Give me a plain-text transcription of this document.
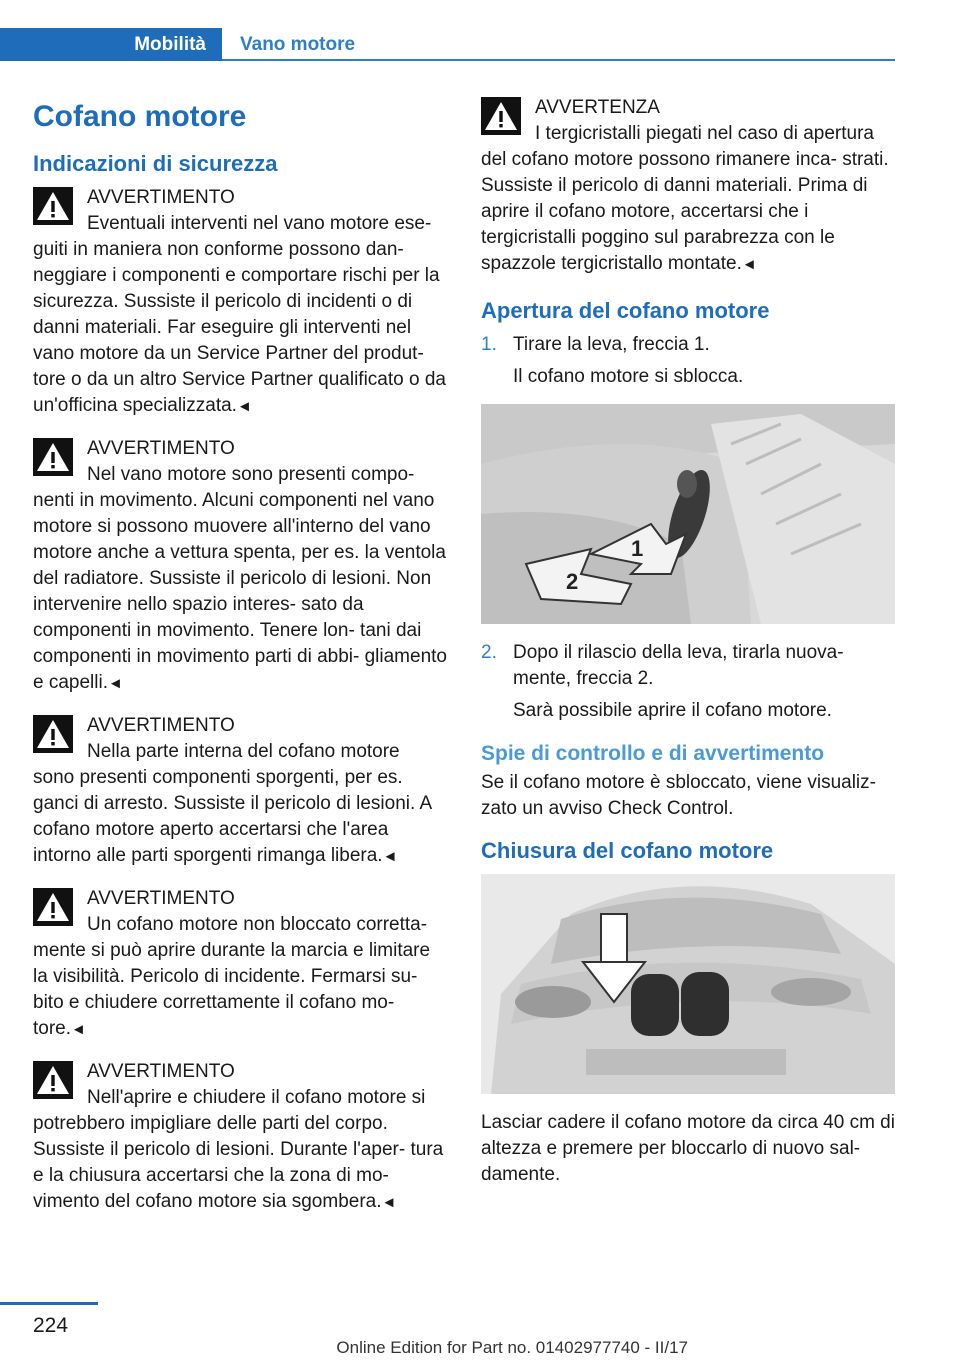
Mobilità	Vano motore
Cofano motore
Indicazioni di sicurezza
AVVERTIMENTO
Eventuali interventi nel vano motore ese‐

guiti in maniera non conforme possono dan‐ neggiare i componenti e comportare rischi per la sicurezza. Sussiste il pericolo di incidenti o di danni materiali. Far eseguire gli interventi nel vano motore da un Service Partner del produt‐ tore o da un altro Service Partner qualificato o da un'officina specializzata.◄

AVVERTIMENTO
Nel vano motore sono presenti compo‐

nenti in movimento. Alcuni componenti nel vano motore si possono muovere all'interno del vano motore anche a vettura spenta, per es. la ventola del radiatore. Sussiste il pericolo di lesioni. Non intervenire nello spazio interes‐ sato da componenti in movimento. Tenere lon‐ tani dai componenti in movimento parti di abbi‐ gliamento e capelli.◄

AVVERTIMENTO
Nella parte interna del cofano motore

sono presenti componenti sporgenti, per es. ganci di arresto. Sussiste il pericolo di lesioni. A cofano motore aperto accertarsi che l'area intorno alle parti sporgenti rimanga libera.◄

AVVERTIMENTO
Un cofano motore non bloccato corretta‐

mente si può aprire durante la marcia e limitare la visibilità. Pericolo di incidente. Fermarsi su‐ bito e chiudere correttamente il cofano mo‐ tore.◄

AVVERTIMENTO
Nell'aprire e chiudere il cofano motore si

potrebbero impigliare delle parti del corpo. Sussiste il pericolo di lesioni. Durante l'aper‐ tura e la chiusura accertarsi che la zona di mo‐ vimento del cofano motore sia sgombera.◄

AVVERTENZA
I tergicristalli piegati nel caso di apertura

del cofano motore possono rimanere inca‐ strati. Sussiste il pericolo di danni materiali. Prima di aprire il cofano motore, accertarsi che i tergicristalli poggino sul parabrezza con le spazzole tergicristallo montate.◄

Apertura del cofano motore
1. Tirare la leva, freccia 1.
Il cofano motore si sblocca.
1
2
2. Dopo il rilascio della leva, tirarla nuova‐ mente, freccia 2.
Sarà possibile aprire il cofano motore.
Spie di controllo e di avvertimento

Se il cofano motore è sbloccato, viene visualiz‐ zato un avviso Check Control.

Chiusura del cofano motore

Lasciar cadere il cofano motore da circa 40 cm di altezza e premere per bloccarlo di nuovo sal‐ damente.

224
Online Edition for Part no. 01402977740 - II/17
